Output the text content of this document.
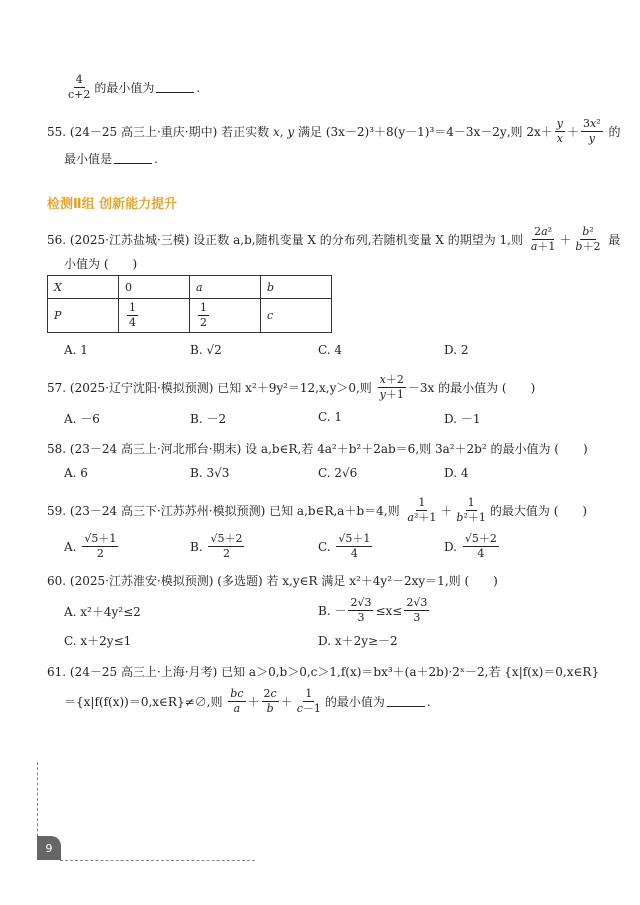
$\frac{4}{c+2}$ 的最小值为	.
55.
(24－25 高三上·重庆·期中)
若正实数
x , y
满足
(3x－2)³＋8(y－1)³＝4－3x－2y ,则 $2x+ \frac{y}{x} + \frac{\text{3x²}}{y}$ 的
最小值是	.
检测Ⅱ组 创新能力提升
56.
(2025·江苏盐城·三模)
设正数 a,b,随机变量 X 的分布列,若随机变量 X 的期望为 1,则
$\frac{\text{2a²}}{a+1} + \frac{\text{b²}}{b+2}$
最
小值为 (　　)
X	0	a	b
P	$\frac{1}{4}$	$\frac{1}{2}$	c
A. 1	B. √2	C. 4	D. 2
57.
(2025·辽宁沈阳·模拟预测)
已知 x²＋9y²＝12,x,y＞0,则
$\frac{x+2}{y+1} -3x$ 的最小值为 (　　)
A. －6	B. －2	C. 1	D. －1
58.
(23－24 高三上·河北邢台·期末)
设 a,b∈R,若 4a²＋b²＋2ab＝6,则 3a²＋2b² 的最小值为 (　　)
A. 6	B. 3√3	C. 2√6	D. 4
59.
(23－24 高三下·江苏苏州·模拟预测)
已知 a,b∈R,a＋b＝4,则
$\frac{1}{\text{a²＋1}} + \frac{1}{\text{b²＋1}}$ 的最大值为 (　　)
A.
$\frac{√5+1}{2}$	B.
$\frac{√5+2}{2}$	C.
$\frac{√5+1}{4}$	D.
$\frac{√5+2}{4}$
60.
(2025·江苏淮安·模拟预测)
(多选题) 若 x,y∈R 满足 x²＋4y²－2xy＝1,则 (　　)
A. x²＋4y²≤2	B. － $\frac{2√3}{3} \le x\le \frac{2√3}{3}$
C. x＋2y≤1	D. x＋2y≥－2
61.
(24－25 高三上·上海·月考)
已知 a＞0,b＞0,c＞1,f(x)＝bx³＋(a＋2b)·2ˣ－2,若 {x|f(x)＝0,x∈R}
＝{x|f(f(x))＝0,x∈R}≠∅,则
$\frac{bc}{a} + \frac{2c}{b} + \frac{1}{c-1}$ 的最小值为	.
9
